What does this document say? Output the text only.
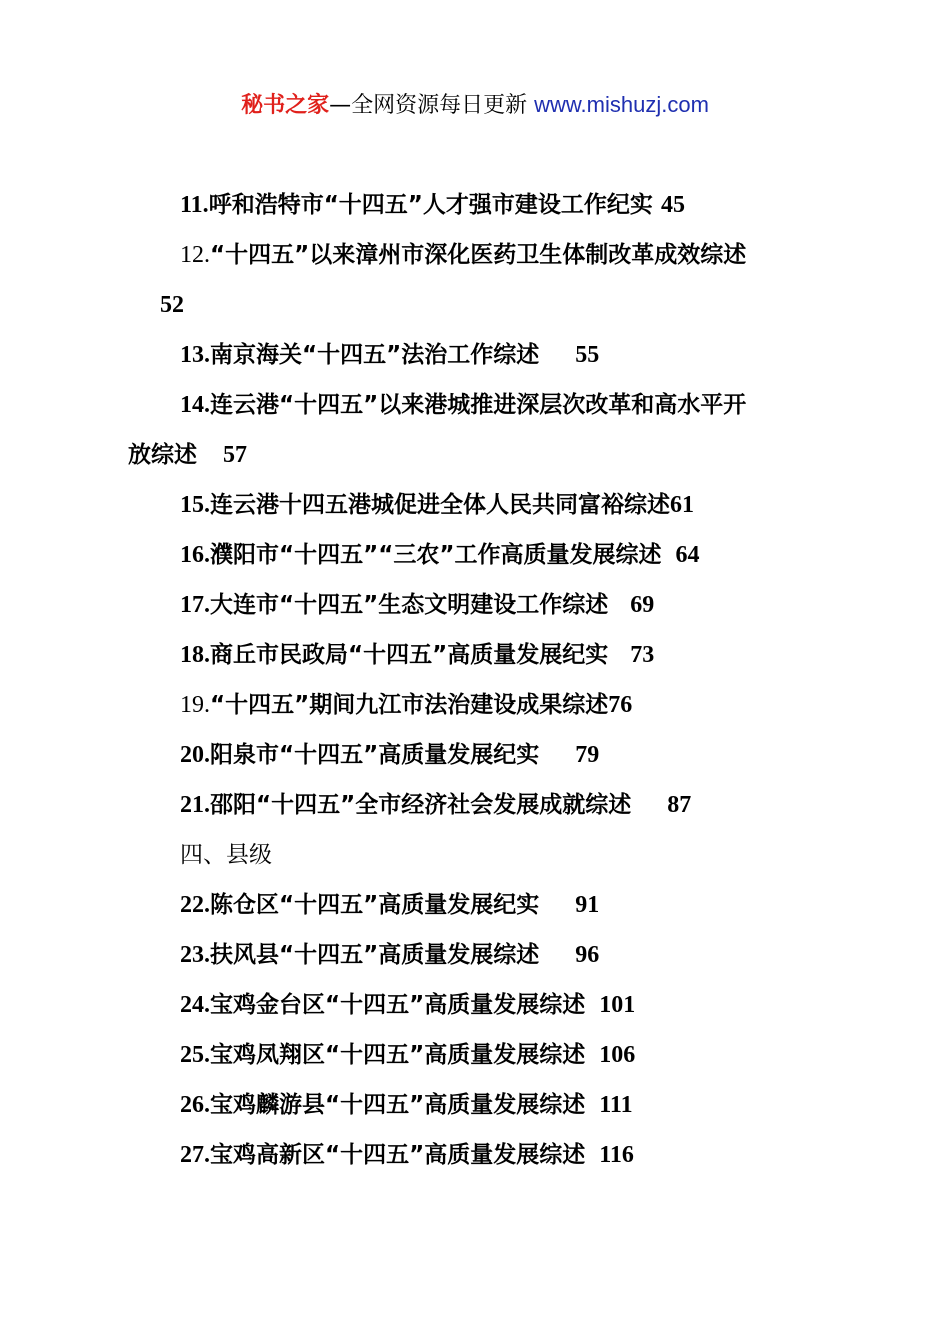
秘书之家—全网资源每日更新 www.mishuzj.com
11.呼和浩特市“十四五”人才强市建设工作纪实 45
12.“十四五”以来漳州市深化医药卫生体制改革成效综述
52
13.南京海关“十四五”法治工作综述 55
14.连云港“十四五”以来港城推进深层次改革和高水平开
放综述 57
15.连云港十四五港城促进全体人民共同富裕综述61
16.濮阳市“十四五”“三农”工作高质量发展综述 64
17.大连市“十四五”生态文明建设工作综述 69
18.商丘市民政局“十四五”高质量发展纪实 73
19.“十四五”期间九江市法治建设成果综述76
20.阳泉市“十四五”高质量发展纪实 79
21.邵阳“十四五”全市经济社会发展成就综述 87
四、县级
22.陈仓区“十四五”高质量发展纪实 91
23.扶风县“十四五”高质量发展综述 96
24.宝鸡金台区“十四五”高质量发展综述 101
25.宝鸡凤翔区“十四五”高质量发展综述 106
26.宝鸡麟游县“十四五”高质量发展综述 111
27.宝鸡高新区“十四五”高质量发展综述 116
